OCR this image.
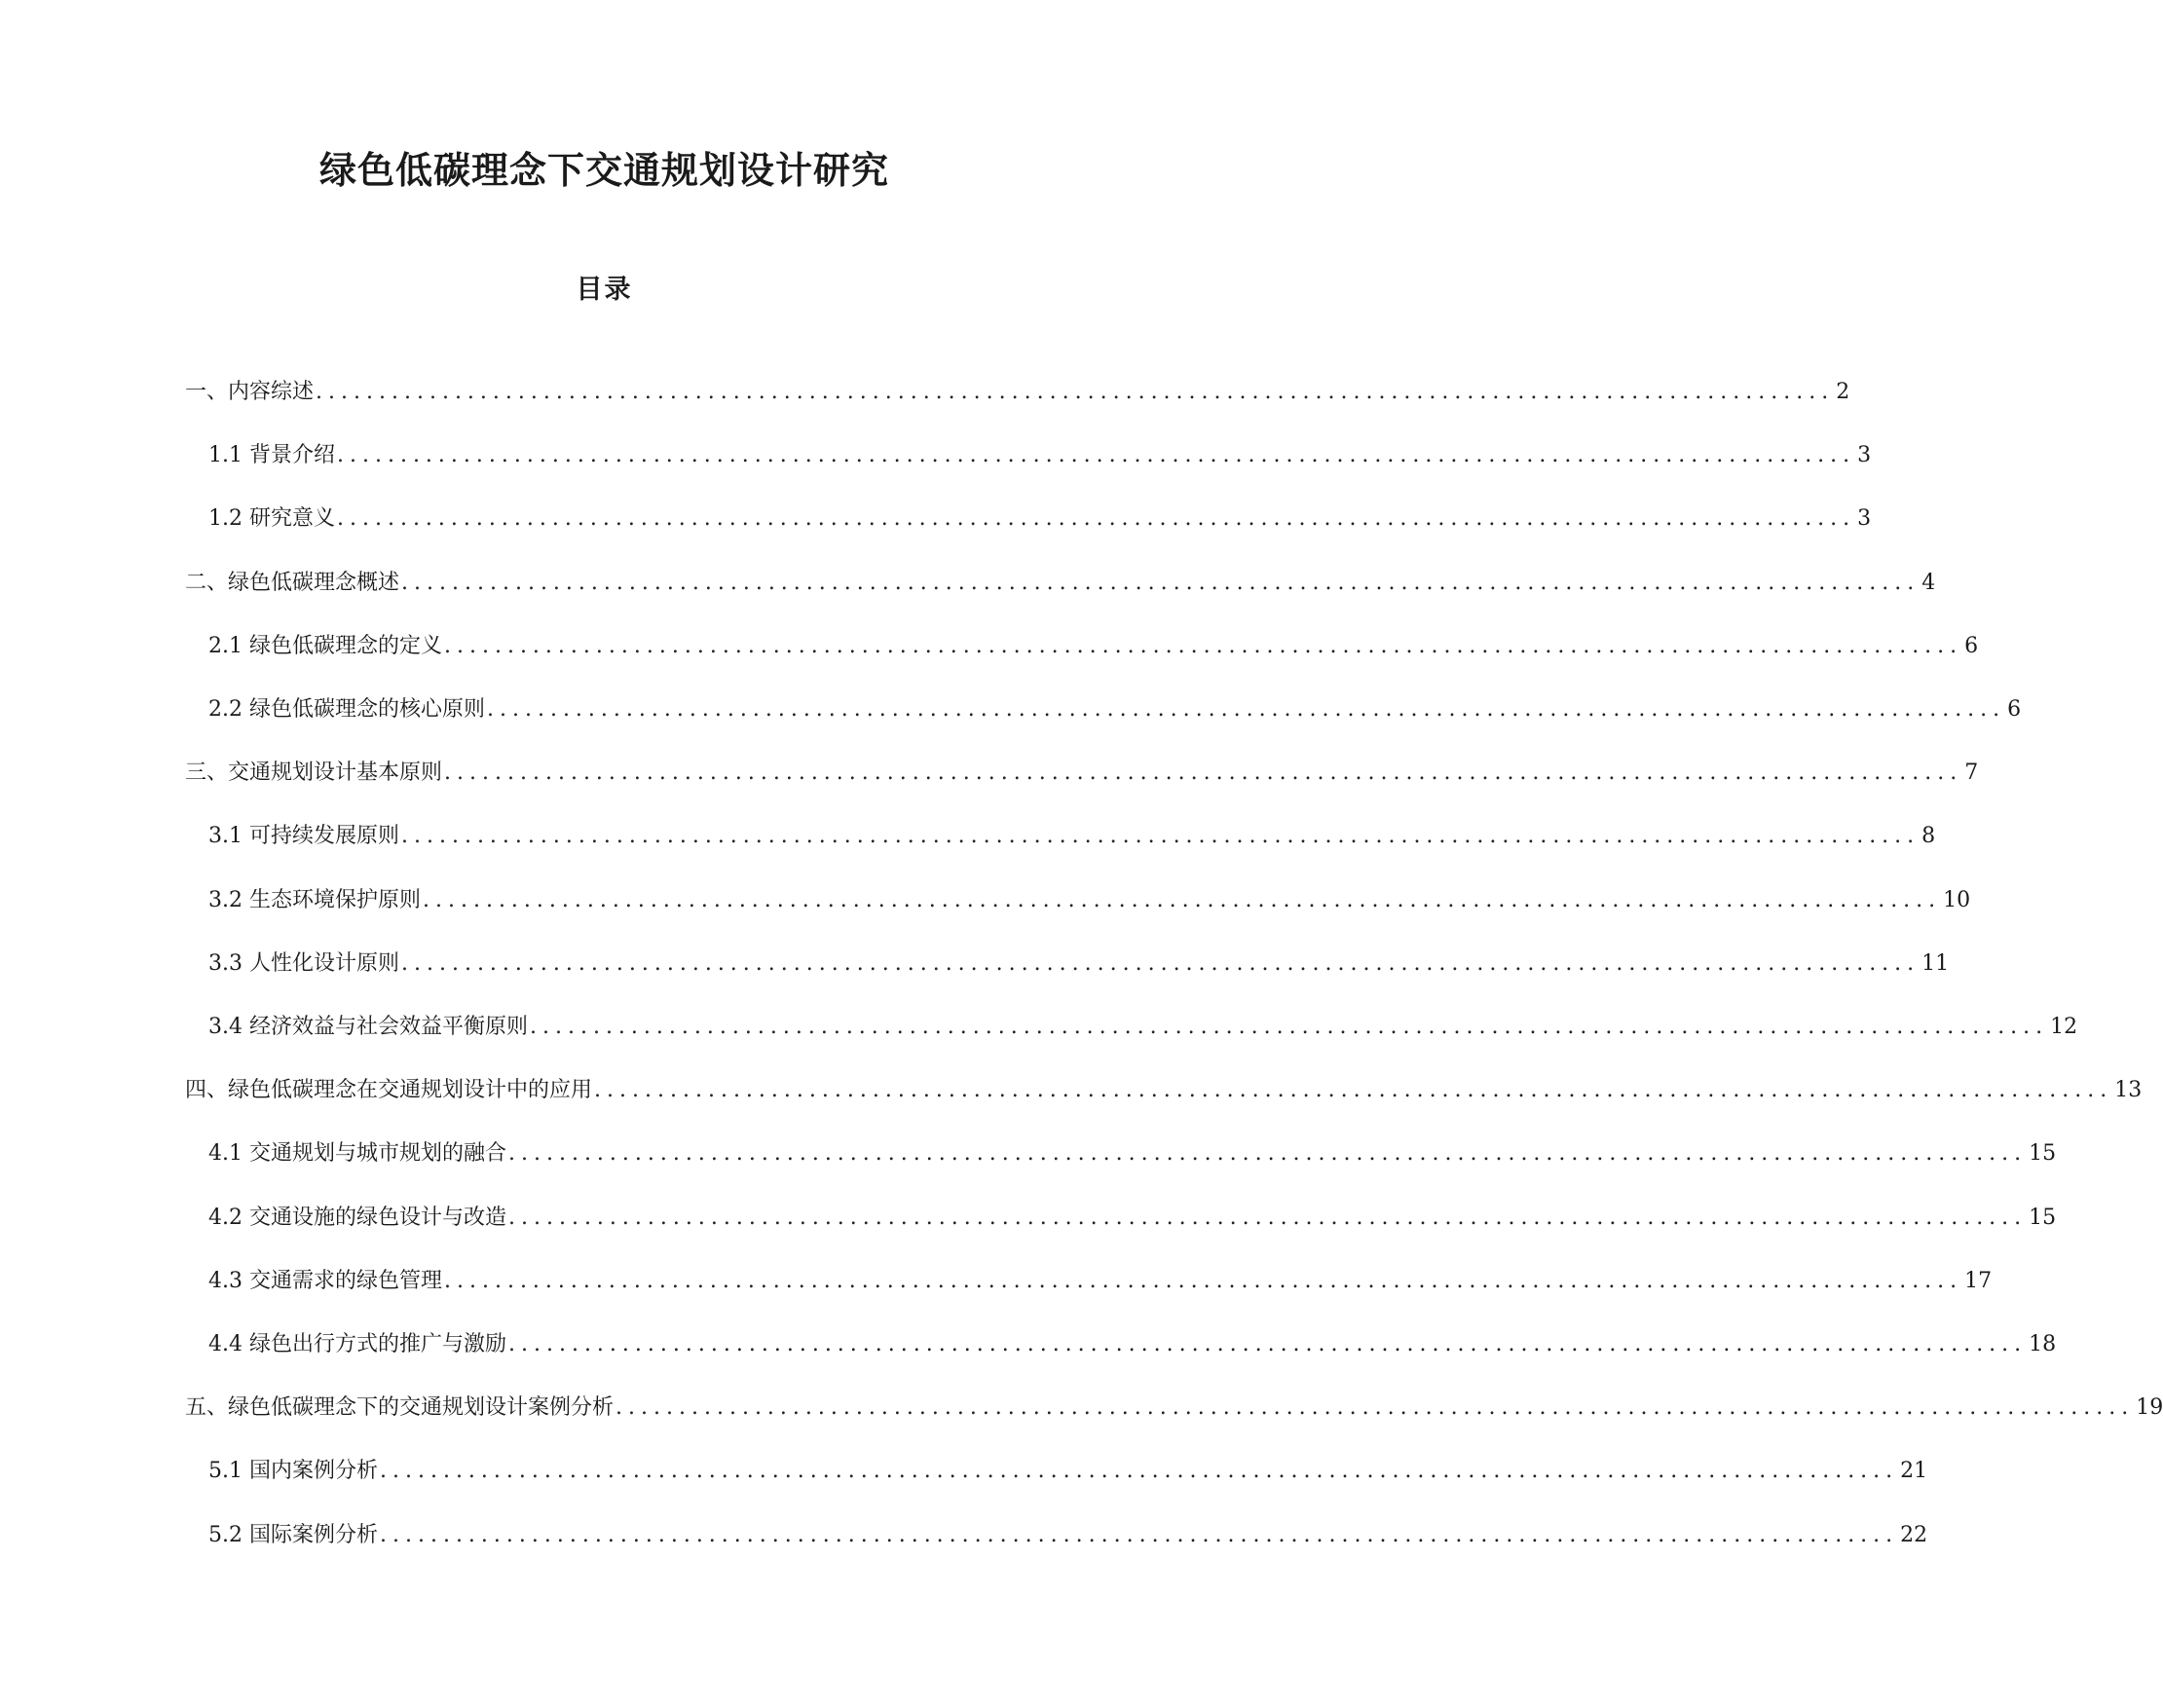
绿色低碳理念下交通规划设计研究
目录
一、内容综述 ........................................................................................................................ 2
1.1 背景介绍 ........................................................................................................................ 3
1.2 研究意义 ........................................................................................................................ 3
二、绿色低碳理念概述 ........................................................................................................................ 4
2.1 绿色低碳理念的定义 ........................................................................................................................ 6
2.2 绿色低碳理念的核心原则 ........................................................................................................................ 6
三、交通规划设计基本原则 ........................................................................................................................ 7
3.1 可持续发展原则 ........................................................................................................................ 8
3.2 生态环境保护原则 ........................................................................................................................ 10
3.3 人性化设计原则 ........................................................................................................................ 11
3.4 经济效益与社会效益平衡原则 ........................................................................................................................ 12
四、绿色低碳理念在交通规划设计中的应用 ........................................................................................................................ 13
4.1 交通规划与城市规划的融合 ........................................................................................................................ 15
4.2 交通设施的绿色设计与改造 ........................................................................................................................ 15
4.3 交通需求的绿色管理 ........................................................................................................................ 17
4.4 绿色出行方式的推广与激励 ........................................................................................................................ 18
五、绿色低碳理念下的交通规划设计案例分析 ........................................................................................................................ 19
5.1 国内案例分析 ........................................................................................................................ 21
5.2 国际案例分析 ........................................................................................................................ 22
